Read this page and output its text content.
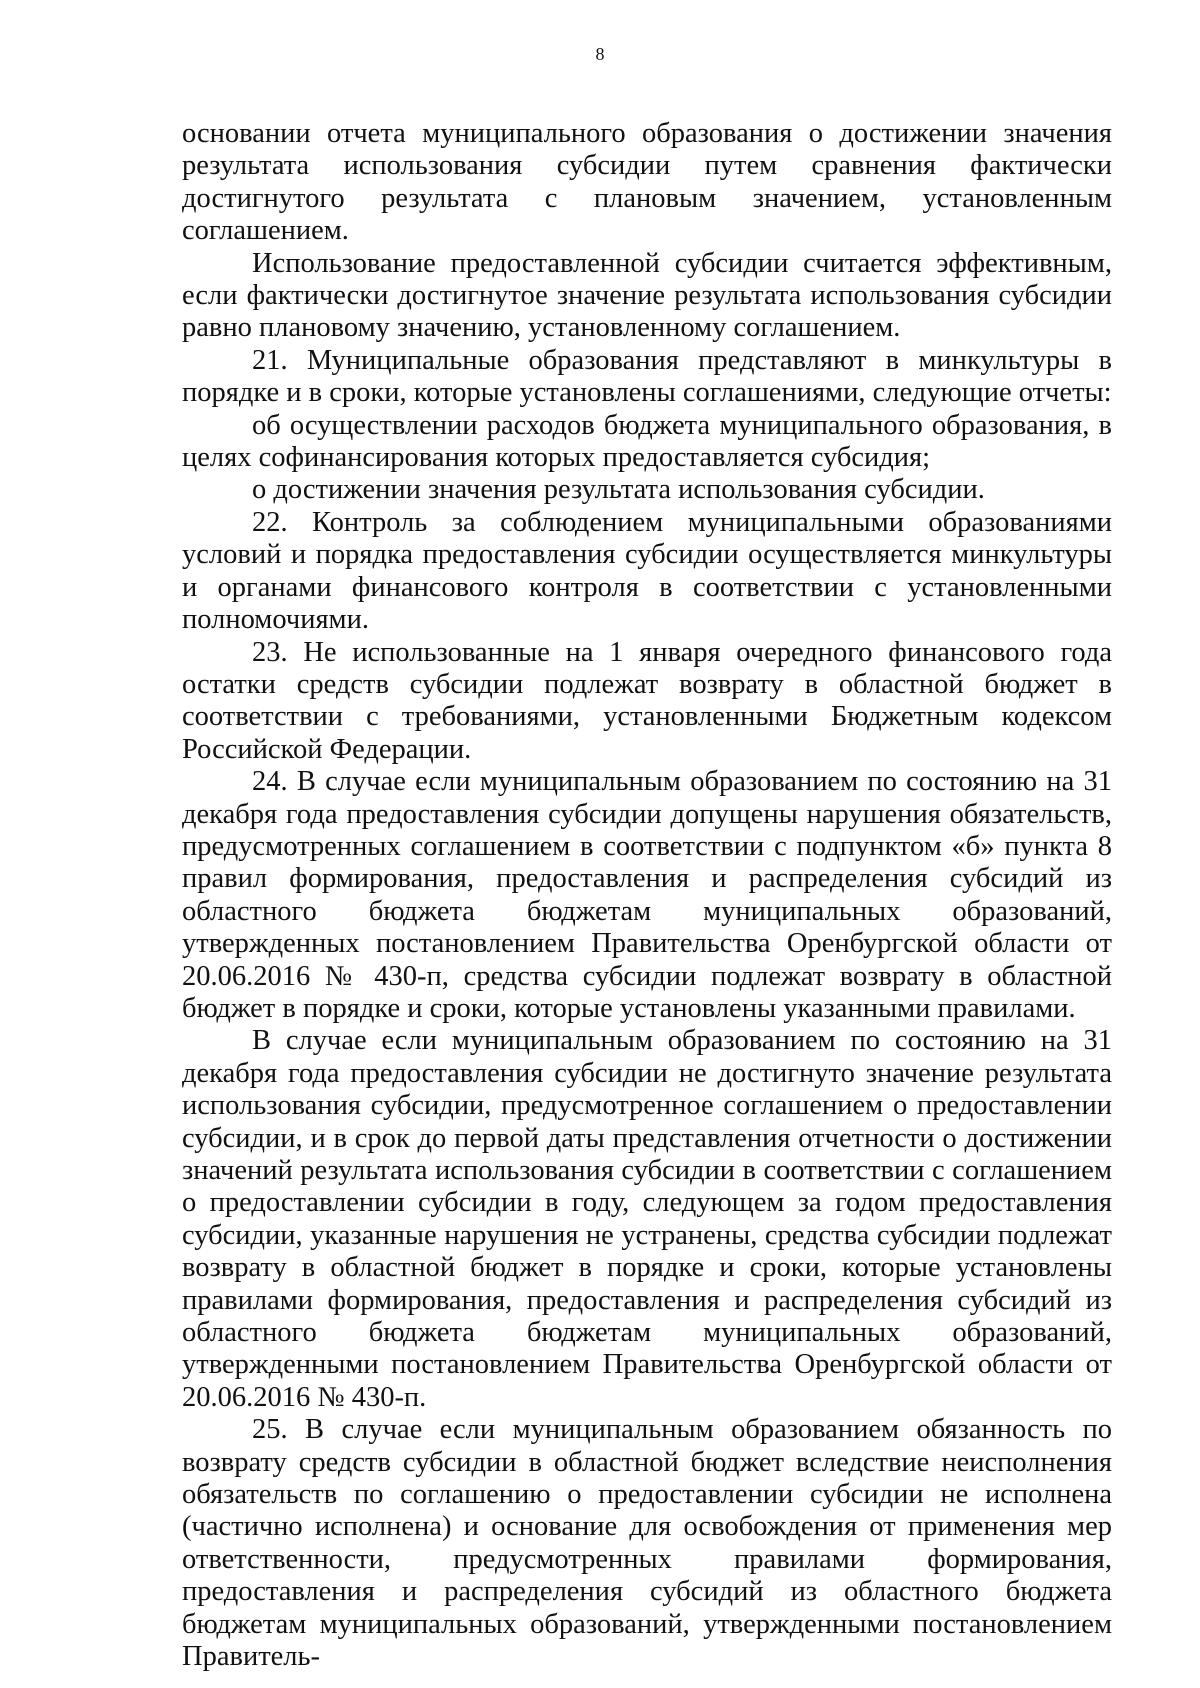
8

основании отчета муниципального образования о достижении значения результата использования субсидии путем сравнения фактически достигнутого результата с плановым значением, установленным соглашением.

Использование предоставленной субсидии считается эффективным, если фактически достигнутое значение результата использования субсидии равно плановому значению, установленному соглашением.

21. Муниципальные образования представляют в минкультуры в порядке и в сроки, которые установлены соглашениями, следующие отчеты:

об осуществлении расходов бюджета муниципального образования, в целях софинансирования которых предоставляется субсидия;

о достижении значения результата использования субсидии.

22. Контроль за соблюдением муниципальными образованиями условий и порядка предоставления субсидии осуществляется минкультуры и органами финансового контроля в соответствии с установленными полномочиями.

23. Не использованные на 1 января очередного финансового года остатки средств субсидии подлежат возврату в областной бюджет в соответствии с требованиями, установленными Бюджетным кодексом Российской Федерации.

24. В случае если муниципальным образованием по состоянию на 31 декабря года предоставления субсидии допущены нарушения обязательств, предусмотренных соглашением в соответствии с подпунктом «б» пункта 8 правил формирования, предоставления и распределения субсидий из областного бюджета бюджетам муниципальных образований, утвержденных постановлением Правительства Оренбургской области от 20.06.2016 № 430-п, средства субсидии подлежат возврату в областной бюджет в порядке и сроки, которые установлены указанными правилами.

В случае если муниципальным образованием по состоянию на 31 декабря года предоставления субсидии не достигнуто значение результата использования субсидии, предусмотренное соглашением о предоставлении субсидии, и в срок до первой даты представления отчетности о достижении значений результата использования субсидии в соответствии с соглашением о предоставлении субсидии в году, следующем за годом предоставления субсидии, указанные нарушения не устранены, средства субсидии подлежат возврату в областной бюджет в порядке и сроки, которые установлены правилами формирования, предоставления и распределения субсидий из областного бюджета бюджетам муниципальных образований, утвержденными постановлением Правительства Оренбургской области от 20.06.2016 № 430-п.

25. В случае если муниципальным образованием обязанность по возврату средств субсидии в областной бюджет вследствие неисполнения обязательств по соглашению о предоставлении субсидии не исполнена (частично исполнена) и основание для освобождения от применения мер ответственности, предусмотренных правилами формирования, предоставления и распределения субсидий из областного бюджета бюджетам муниципальных образований, утвержденными постановлением Правитель-
